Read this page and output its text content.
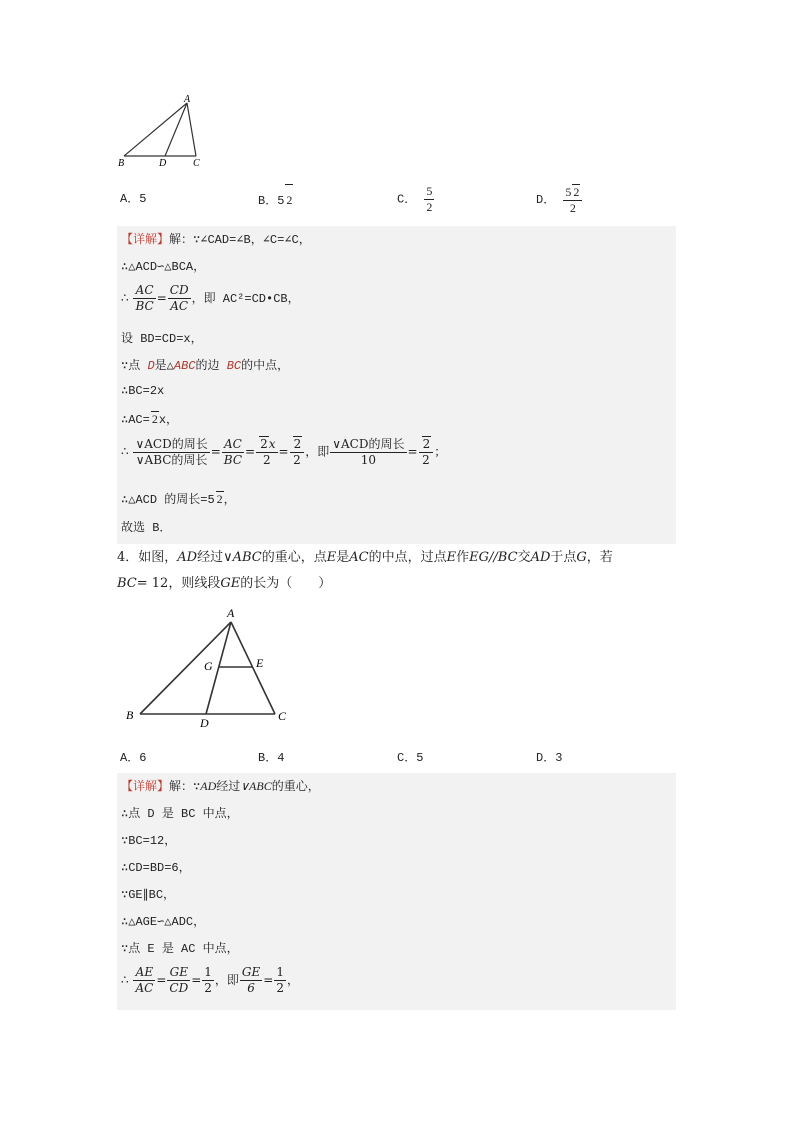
A
B	D	C
A．5	B．5 2	C． $\frac{5}{2}$	D． $\frac{5 2}{2}$
【详解】解：∵∠CAD=∠B，∠C=∠C，
∴△ACD∽△BCA，
∴ $\frac{AC}{BC} = \frac{CD}{AC}$ ，即 AC²=CD•CB，
设 BD=CD=x，
∵点 D是△ABC的边 BC的中点，
∴BC=2x
∴AC= 2x，
∴ $\frac{\text{∨ACD的周长}}{\text{∨ABC的周长}} = \frac{AC}{BC} = \frac{2x}{2} = \frac{2}{2}$ ，即 $\frac{\text{∨ACD的周长}}{10} = \frac{2}{2}$ ；
∴△ACD 的周长=5 2，
故选 B．
4．如图，AD经过∨ABC的重心，点E是AC的中点，过点E作EG//BC交AD于点G，若
BC= 12，则线段GE的长为（　　）
A
G	E
B
D	C
A．6	B．4	C．5	D．3
【详解】解：∵AD经过∨ABC的重心，
∴点 D 是 BC 中点，
∵BC=12，
∴CD=BD=6，
∵GE∥BC，
∴△AGE∽△ADC，
∵点 E 是 AC 中点，
∴ $\frac{AE}{AC} = \frac{GE}{CD} = \frac{1}{2}$ ，即 $\frac{GE}{6} = \frac{1}{2}$ ，
